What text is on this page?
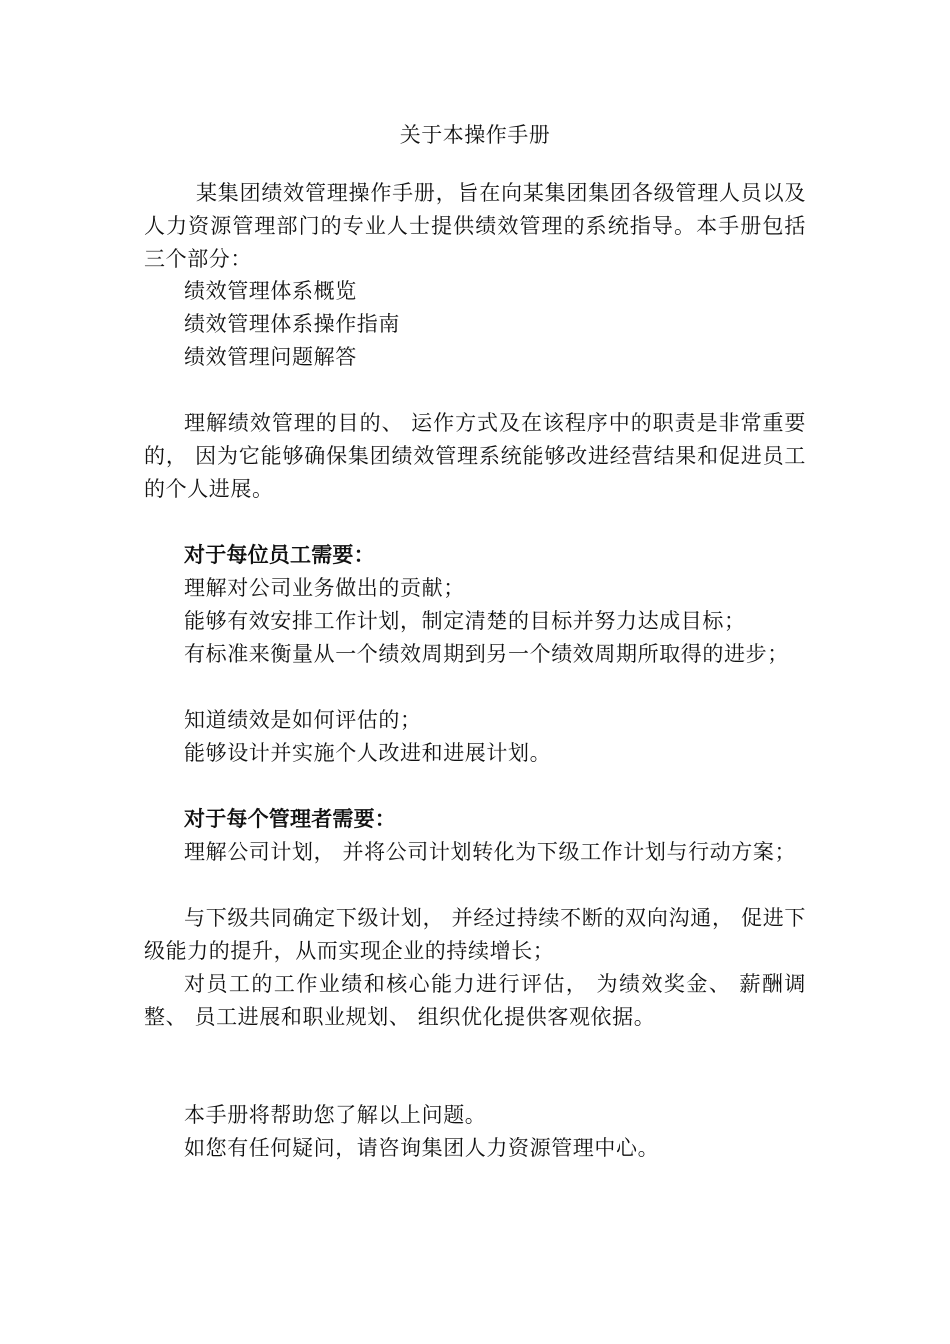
关于本操作手册

某集团绩效管理操作手册，旨在向某集团集团各级管理人员以及人力资源管理部门的专业人士提供绩效管理的系统指导。本手册包括三个部分：

绩效管理体系概览
绩效管理体系操作指南
绩效管理问题解答

理解绩效管理的目的、 运作方式及在该程序中的职责是非常重要的， 因为它能够确保集团绩效管理系统能够改进经营结果和促进员工的个人进展。

对于每位员工需要：
理解对公司业务做出的贡献；
能够有效安排工作计划，制定清楚的目标并努力达成目标；

有标准来衡量从一个绩效周期到另一个绩效周期所取得的进步；

知道绩效是如何评估的；
能够设计并实施个人改进和进展计划。
对于每个管理者需要：

理解公司计划， 并将公司计划转化为下级工作计划与行动方案；

与下级共同确定下级计划， 并经过持续不断的双向沟通， 促进下级能力的提升，从而实现企业的持续增长；

对员工的工作业绩和核心能力进行评估， 为绩效奖金、 薪酬调整、 员工进展和职业规划、 组织优化提供客观依据。

本手册将帮助您了解以上问题。
如您有任何疑问，请咨询集团人力资源管理中心。
